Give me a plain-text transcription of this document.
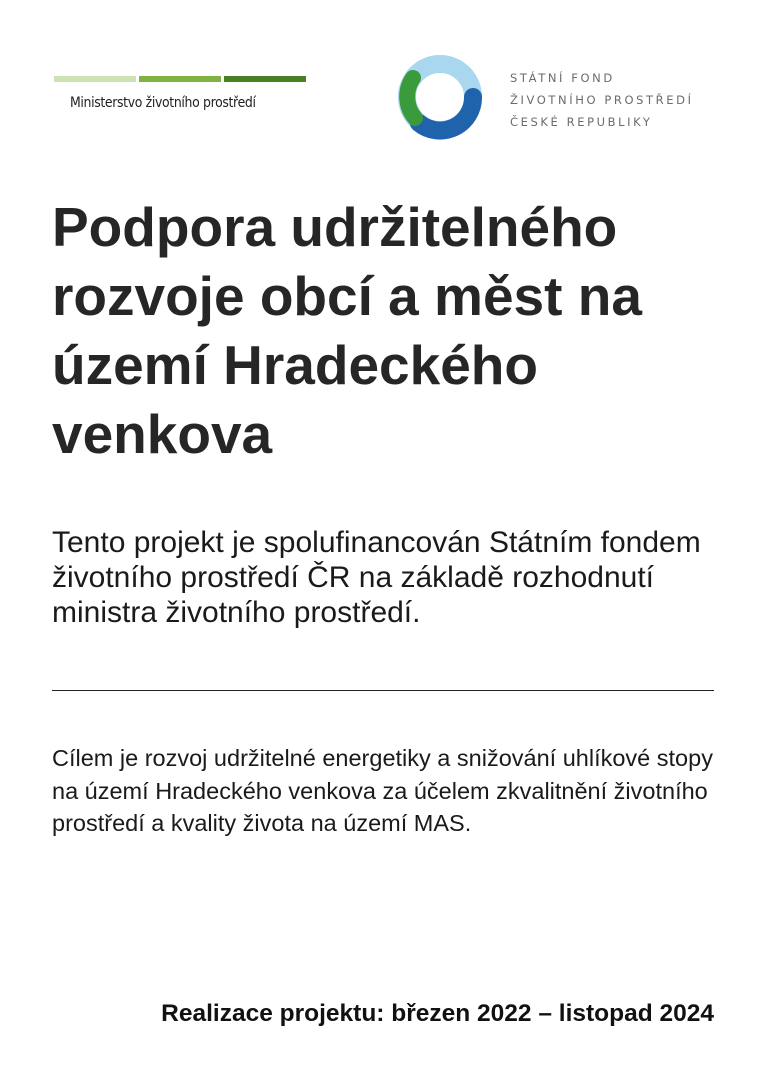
Ministerstvo životního prostředí
STÁTNÍ FOND
ŽIVOTNÍHO PROSTŘEDÍ
ČESKÉ REPUBLIKY
Podpora udržitelného rozvoje obcí a měst na území Hradeckého venkova

Tento projekt je spolufinancován Státním fondem životního prostředí ČR na základě rozhodnutí ministra životního prostředí.

Cílem je rozvoj udržitelné energetiky a snižování uhlíkové stopy na území Hradeckého venkova za účelem zkvalitnění životního prostředí a kvality života na území MAS.

Realizace projektu: březen 2022 – listopad 2024
